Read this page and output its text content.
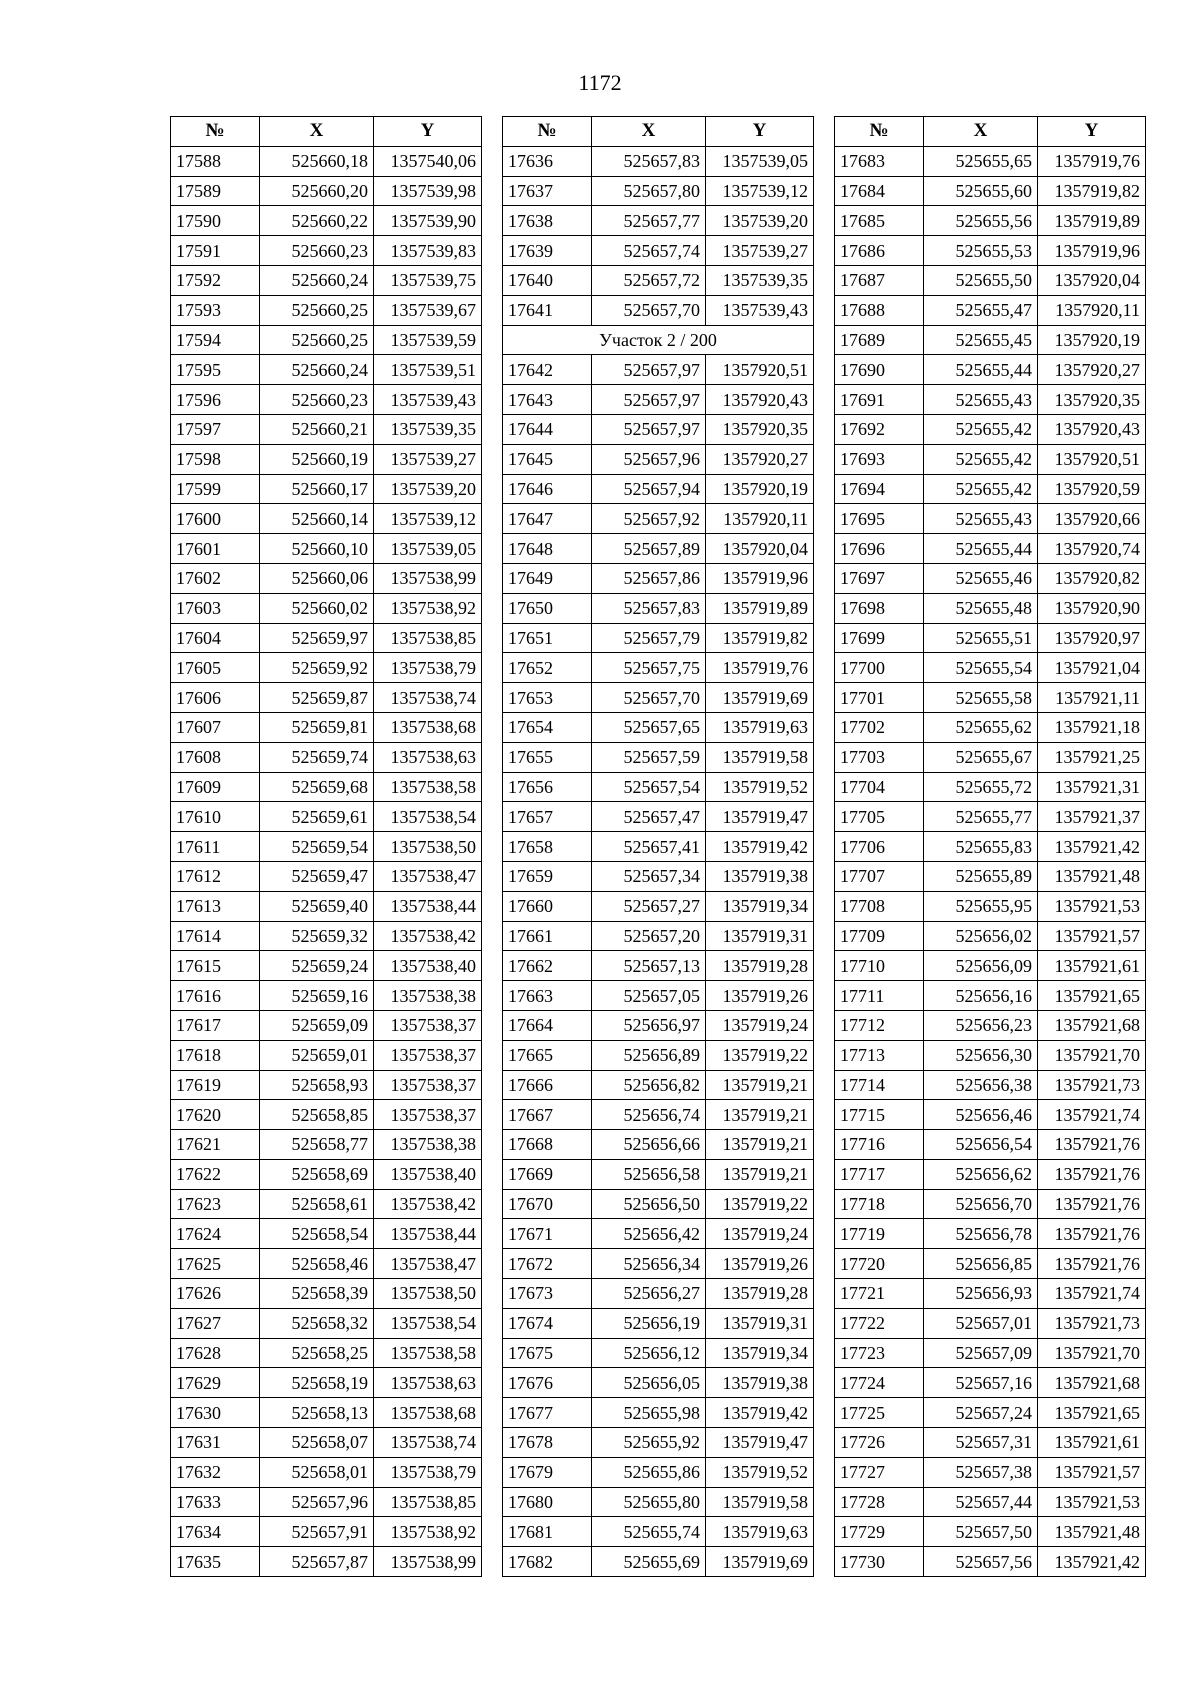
1172
№	X	Y
17588	525660,18	1357540,06
17589	525660,20	1357539,98
17590	525660,22	1357539,90
17591	525660,23	1357539,83
17592	525660,24	1357539,75
17593	525660,25	1357539,67
17594	525660,25	1357539,59
17595	525660,24	1357539,51
17596	525660,23	1357539,43
17597	525660,21	1357539,35
17598	525660,19	1357539,27
17599	525660,17	1357539,20
17600	525660,14	1357539,12
17601	525660,10	1357539,05
17602	525660,06	1357538,99
17603	525660,02	1357538,92
17604	525659,97	1357538,85
17605	525659,92	1357538,79
17606	525659,87	1357538,74
17607	525659,81	1357538,68
17608	525659,74	1357538,63
17609	525659,68	1357538,58
17610	525659,61	1357538,54
17611	525659,54	1357538,50
17612	525659,47	1357538,47
17613	525659,40	1357538,44
17614	525659,32	1357538,42
17615	525659,24	1357538,40
17616	525659,16	1357538,38
17617	525659,09	1357538,37
17618	525659,01	1357538,37
17619	525658,93	1357538,37
17620	525658,85	1357538,37
17621	525658,77	1357538,38
17622	525658,69	1357538,40
17623	525658,61	1357538,42
17624	525658,54	1357538,44
17625	525658,46	1357538,47
17626	525658,39	1357538,50
17627	525658,32	1357538,54
17628	525658,25	1357538,58
17629	525658,19	1357538,63
17630	525658,13	1357538,68
17631	525658,07	1357538,74
17632	525658,01	1357538,79
17633	525657,96	1357538,85
17634	525657,91	1357538,92
17635	525657,87	1357538,99
№	X	Y
17636	525657,83	1357539,05
17637	525657,80	1357539,12
17638	525657,77	1357539,20
17639	525657,74	1357539,27
17640	525657,72	1357539,35
17641	525657,70	1357539,43
Участок 2 / 200		
17642	525657,97	1357920,51
17643	525657,97	1357920,43
17644	525657,97	1357920,35
17645	525657,96	1357920,27
17646	525657,94	1357920,19
17647	525657,92	1357920,11
17648	525657,89	1357920,04
17649	525657,86	1357919,96
17650	525657,83	1357919,89
17651	525657,79	1357919,82
17652	525657,75	1357919,76
17653	525657,70	1357919,69
17654	525657,65	1357919,63
17655	525657,59	1357919,58
17656	525657,54	1357919,52
17657	525657,47	1357919,47
17658	525657,41	1357919,42
17659	525657,34	1357919,38
17660	525657,27	1357919,34
17661	525657,20	1357919,31
17662	525657,13	1357919,28
17663	525657,05	1357919,26
17664	525656,97	1357919,24
17665	525656,89	1357919,22
17666	525656,82	1357919,21
17667	525656,74	1357919,21
17668	525656,66	1357919,21
17669	525656,58	1357919,21
17670	525656,50	1357919,22
17671	525656,42	1357919,24
17672	525656,34	1357919,26
17673	525656,27	1357919,28
17674	525656,19	1357919,31
17675	525656,12	1357919,34
17676	525656,05	1357919,38
17677	525655,98	1357919,42
17678	525655,92	1357919,47
17679	525655,86	1357919,52
17680	525655,80	1357919,58
17681	525655,74	1357919,63
17682	525655,69	1357919,69
№	X	Y
17683	525655,65	1357919,76
17684	525655,60	1357919,82
17685	525655,56	1357919,89
17686	525655,53	1357919,96
17687	525655,50	1357920,04
17688	525655,47	1357920,11
17689	525655,45	1357920,19
17690	525655,44	1357920,27
17691	525655,43	1357920,35
17692	525655,42	1357920,43
17693	525655,42	1357920,51
17694	525655,42	1357920,59
17695	525655,43	1357920,66
17696	525655,44	1357920,74
17697	525655,46	1357920,82
17698	525655,48	1357920,90
17699	525655,51	1357920,97
17700	525655,54	1357921,04
17701	525655,58	1357921,11
17702	525655,62	1357921,18
17703	525655,67	1357921,25
17704	525655,72	1357921,31
17705	525655,77	1357921,37
17706	525655,83	1357921,42
17707	525655,89	1357921,48
17708	525655,95	1357921,53
17709	525656,02	1357921,57
17710	525656,09	1357921,61
17711	525656,16	1357921,65
17712	525656,23	1357921,68
17713	525656,30	1357921,70
17714	525656,38	1357921,73
17715	525656,46	1357921,74
17716	525656,54	1357921,76
17717	525656,62	1357921,76
17718	525656,70	1357921,76
17719	525656,78	1357921,76
17720	525656,85	1357921,76
17721	525656,93	1357921,74
17722	525657,01	1357921,73
17723	525657,09	1357921,70
17724	525657,16	1357921,68
17725	525657,24	1357921,65
17726	525657,31	1357921,61
17727	525657,38	1357921,57
17728	525657,44	1357921,53
17729	525657,50	1357921,48
17730	525657,56	1357921,42
